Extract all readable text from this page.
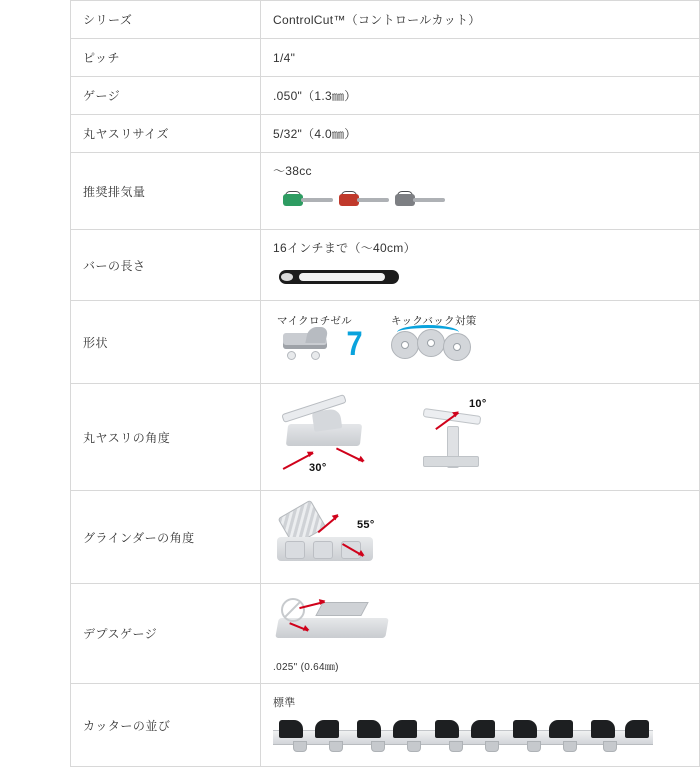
シリーズ	ControlCut™（コントロールカット）
ピッチ	1/4"
ゲージ	.050"（1.3㎜）
丸ヤスリサイズ	5/32"（4.0㎜）
推奨排気量	〜38cc

バーの長さ	16インチまで（〜40cm）

形状	マイクロチゼル キックバック対策
7

丸ヤスリの角度	30°
10°

グラインダーの角度	55°

デプスゲージ	.025" (0.64㎜)
カッターの並び	標準
